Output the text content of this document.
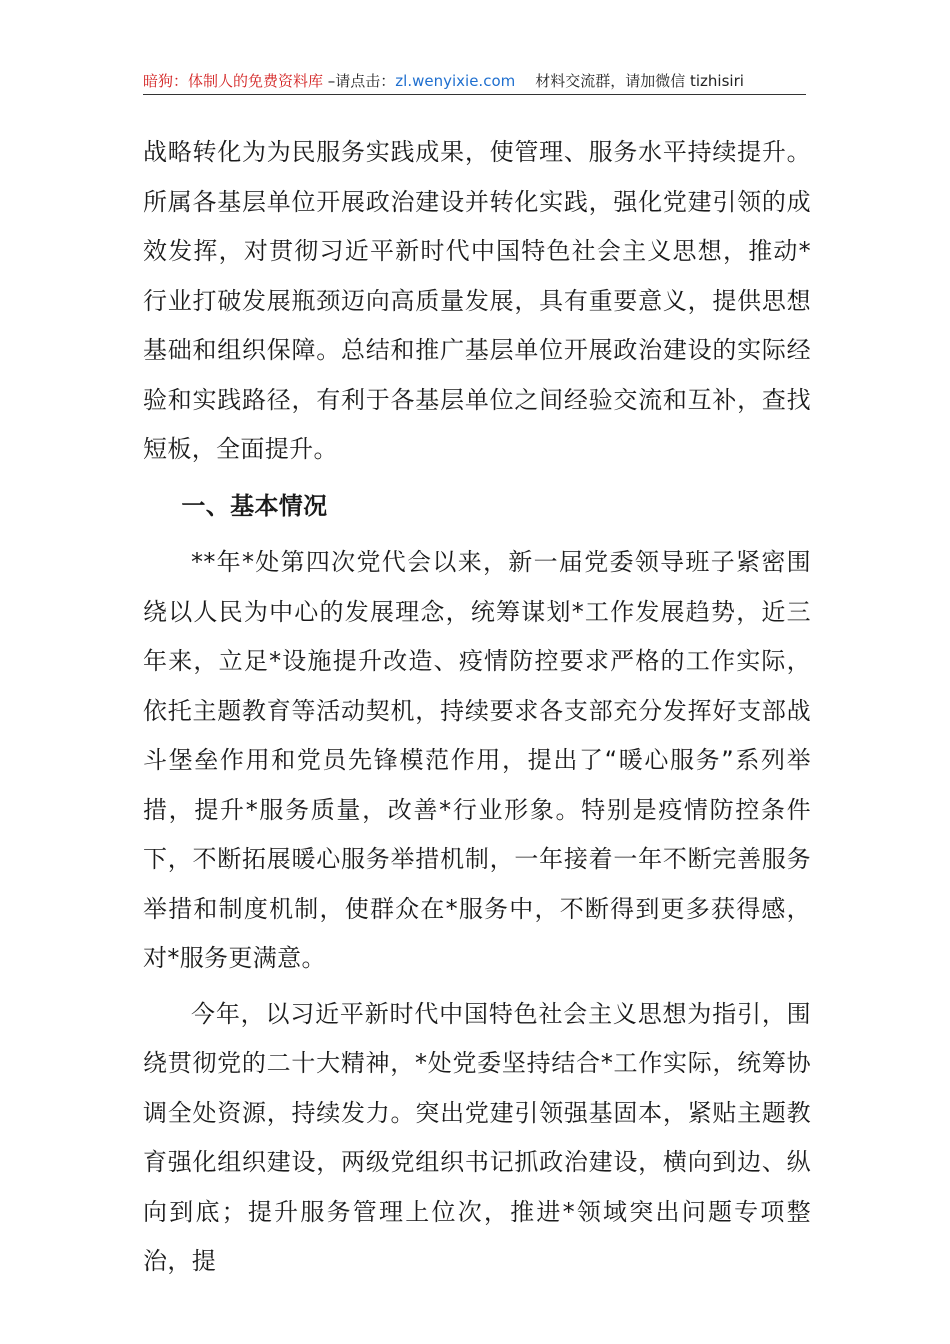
暗狗：体制人的免费资料库 –请点击：zl.wenyixie.com 材料交流群，请加微信 tizhisiri

战略转化为为民服务实践成果，使管理、服务水平持续提升。所属各基层单位开展政治建设并转化实践，强化党建引领的成效发挥，对贯彻习近平新时代中国特色社会主义思想，推动*行业打破发展瓶颈迈向高质量发展，具有重要意义，提供思想基础和组织保障。总结和推广基层单位开展政治建设的实际经验和实践路径，有利于各基层单位之间经验交流和互补，查找短板，全面提升。

一、基本情况

**年*处第四次党代会以来，新一届党委领导班子紧密围绕以人民为中心的发展理念，统筹谋划*工作发展趋势，近三年来，立足*设施提升改造、疫情防控要求严格的工作实际，依托主题教育等活动契机，持续要求各支部充分发挥好支部战斗堡垒作用和党员先锋模范作用，提出了“暖心服务”系列举措，提升*服务质量，改善*行业形象。特别是疫情防控条件下，不断拓展暖心服务举措机制，一年接着一年不断完善服务举措和制度机制，使群众在*服务中，不断得到更多获得感，对*服务更满意。

今年，以习近平新时代中国特色社会主义思想为指引，围绕贯彻党的二十大精神，*处党委坚持结合*工作实际，统筹协调全处资源，持续发力。突出党建引领强基固本，紧贴主题教育强化组织建设，两级党组织书记抓政治建设，横向到边、纵向到底；提升服务管理上位次，推进*领域突出问题专项整治，提
